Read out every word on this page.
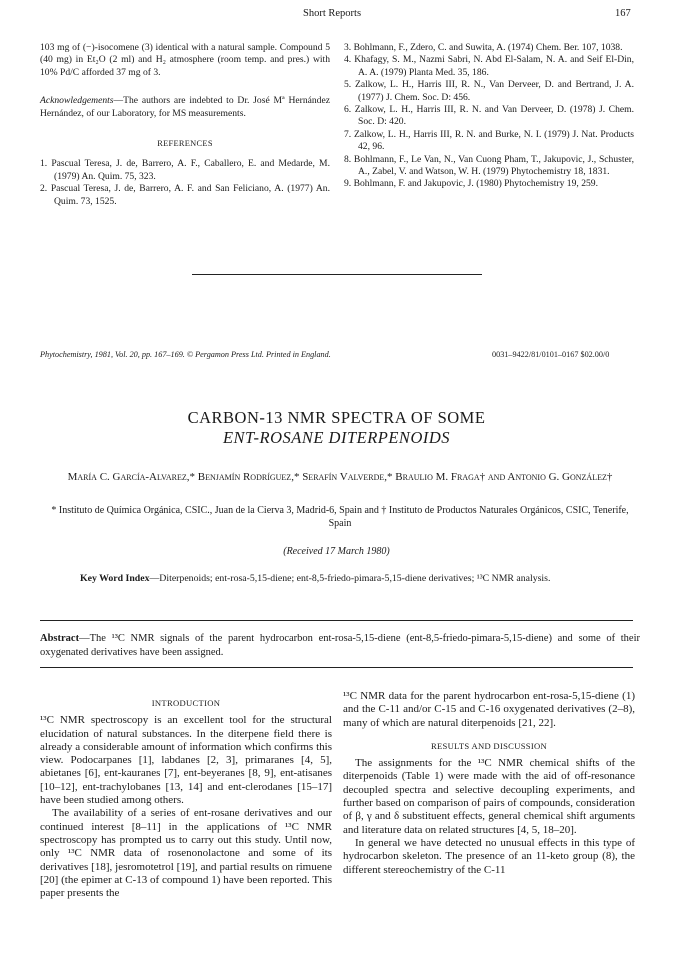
Short Reports	167

103 mg of (−)-isocomene (3) identical with a natural sample. Compound 5 (40 mg) in Et₂O (2 ml) and H₂ atmosphere (room temp. and pres.) with 10% Pd/C afforded 37 mg of 3.

Acknowledgements—The authors are indebted to Dr. José Mª Hernández Hernández, of our Laboratory, for MS measurements.

REFERENCES

1. Pascual Teresa, J. de, Barrero, A. F., Caballero, E. and Medarde, M. (1979) An. Quim. 75, 323.

2. Pascual Teresa, J. de, Barrero, A. F. and San Feliciano, A. (1977) An. Quim. 73, 1525.

3. Bohlmann, F., Zdero, C. and Suwita, A. (1974) Chem. Ber. 107, 1038.

4. Khafagy, S. M., Nazmi Sabri, N. Abd El-Salam, N. A. and Seif El-Din, A. A. (1979) Planta Med. 35, 186.

5. Zalkow, L. H., Harris III, R. N., Van Derveer, D. and Bertrand, J. A. (1977) J. Chem. Soc. D: 456.

6. Zalkow, L. H., Harris III, R. N. and Van Derveer, D. (1978) J. Chem. Soc. D: 420.

7. Zalkow, L. H., Harris III, R. N. and Burke, N. I. (1979) J. Nat. Products 42, 96.

8. Bohlmann, F., Le Van, N., Van Cuong Pham, T., Jakupovic, J., Schuster, A., Zabel, V. and Watson, W. H. (1979) Phytochemistry 18, 1831.

9. Bohlmann, F. and Jakupovic, J. (1980) Phytochemistry 19, 259.

Phytochemistry, 1981, Vol. 20, pp. 167–169. © Pergamon Press Ltd. Printed in England.	0031–9422/81/0101–0167 $02.00/0
CARBON-13 NMR SPECTRA OF SOME
ENT-ROSANE DITERPENOIDS
María C. García-Alvarez,* Benjamín Rodríguez,* Serafín Valverde,* Braulio M. Fraga† and Antonio G. González†
* Instituto de Química Orgánica, CSIC., Juan de la Cierva 3, Madrid-6, Spain and † Instituto de Productos Naturales Orgánicos, CSIC, Tenerife, Spain
(Received 17 March 1980)
Key Word Index—Diterpenoids; ent-rosa-5,15-diene; ent-8,5-friedo-pimara-5,15-diene derivatives; ¹³C NMR analysis.
Abstract—The ¹³C NMR signals of the parent hydrocarbon ent-rosa-5,15-diene (ent-8,5-friedo-pimara-5,15-diene) and some of their oxygenated derivatives have been assigned.
INTRODUCTION

¹³C NMR spectroscopy is an excellent tool for the structural elucidation of natural substances. In the diterpene field there is already a considerable amount of information which confirms this view. Podocarpanes [1], labdanes [2, 3], primaranes [4, 5], abietanes [6], ent-kauranes [7], ent-beyeranes [8, 9], ent-atisanes [10–12], ent-trachylobanes [13, 14] and ent-clerodanes [15–17] have been studied among others.

The availability of a series of ent-rosane derivatives and our continued interest [8–11] in the applications of ¹³C NMR spectroscopy has prompted us to carry out this study. Until now, only ¹³C NMR data of rosenonolactone and some of its derivatives [18], jesromotetrol [19], and partial results on rimuene [20] (the epimer at C-13 of compound 1) have been reported. This paper presents the

¹³C NMR data for the parent hydrocarbon ent-rosa-5,15-diene (1) and the C-11 and/or C-15 and C-16 oxygenated derivatives (2–8), many of which are natural diterpenoids [21, 22].

RESULTS AND DISCUSSION

The assignments for the ¹³C NMR chemical shifts of the diterpenoids (Table 1) were made with the aid of off-resonance decoupled spectra and selective decoupling experiments, and further based on comparison of pairs of compounds, consideration of β, γ and δ substituent effects, general chemical shift arguments and literature data on related structures [4, 5, 18–20].

In general we have detected no unusual effects in this type of hydrocarbon skeleton. The presence of an 11-keto group (8), the different stereochemistry of the C-11
